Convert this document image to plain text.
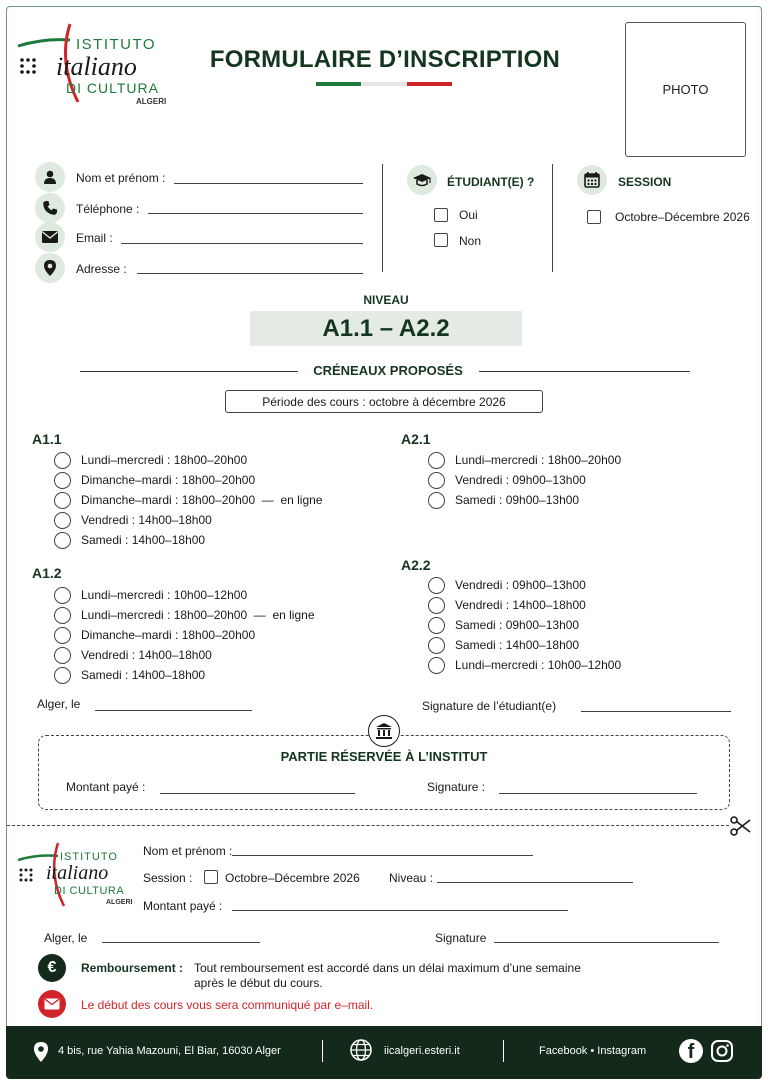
ISTITUTO
italiano
DI CULTURA
ALGERI
FORMULAIRE D’INSCRIPTION
PHOTO
Nom et prénom :
Téléphone :
Email :
Adresse :
ÉTUDIANT(E) ?
Oui
Non
SESSION
Octobre–Décembre 2026
NIVEAU
A1.1 – A2.2
CRÉNEAUX PROPOSÉS
Période des cours : octobre à décembre 2026
A1.1
Lundi–mercredi : 18h00–20h00
Dimanche–mardi : 18h00–20h00
Dimanche–mardi : 18h00–20h00  —  en ligne
Vendredi : 14h00–18h00
Samedi : 14h00–18h00
A1.2
Lundi–mercredi : 10h00–12h00
Lundi–mercredi : 18h00–20h00  —  en ligne
Dimanche–mardi : 18h00–20h00
Vendredi : 14h00–18h00
Samedi : 14h00–18h00
A2.1
Lundi–mercredi : 18h00–20h00
Vendredi : 09h00–13h00
Samedi : 09h00–13h00
A2.2
Vendredi : 09h00–13h00
Vendredi : 14h00–18h00
Samedi : 09h00–13h00
Samedi : 14h00–18h00
Lundi–mercredi : 10h00–12h00
Alger, le	Signature de l’étudiant(e)
PARTIE RÉSERVÉE À L’INSTITUT
Montant payé :	Signature :
ISTITUTO
italiano
DI CULTURA
ALGERI
Nom et prénom :
Session :	Octobre–Décembre 2026 Niveau :
Montant payé :
Alger, le	Signature
€	Remboursement : Tout remboursement est accordé dans un délai maximum d’une semaine
après le début du cours.
Le début des cours vous sera communiqué par e–mail.
4 bis, rue Yahia Mazouni, El Biar, 16030 Alger	iicalgeri.esteri.it	Facebook • Instagram	f
